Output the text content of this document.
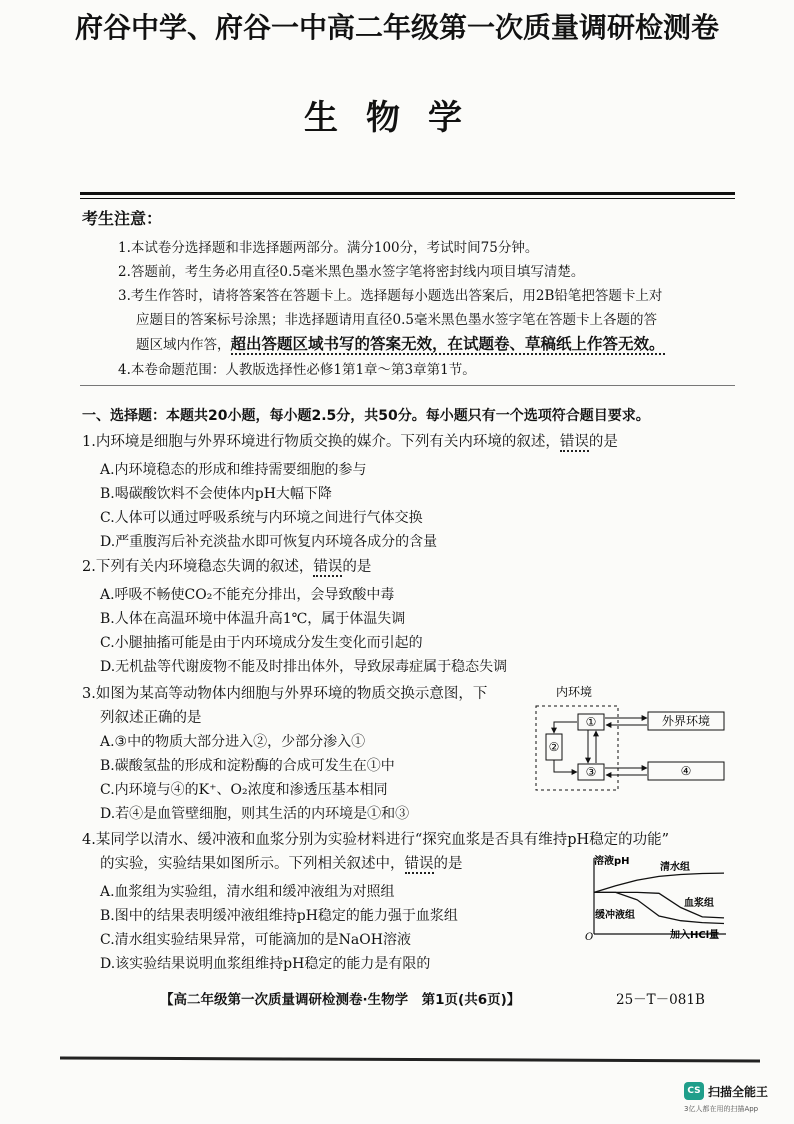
府谷中学、府谷一中高二年级第一次质量调研检测卷
生物学
考生注意：
1.本试卷分选择题和非选择题两部分。满分100分，考试时间75分钟。
2.答题前，考生务必用直径0.5毫米黑色墨水签字笔将密封线内项目填写清楚。
3.考生作答时，请将答案答在答题卡上。选择题每小题选出答案后，用2B铅笔把答题卡上对
应题目的答案标号涂黑；非选择题请用直径0.5毫米黑色墨水签字笔在答题卡上各题的答
题区域内作答，超出答题区域书写的答案无效，在试题卷、草稿纸上作答无效。
4.本卷命题范围：人教版选择性必修1第1章～第3章第1节。
一、选择题：本题共20小题，每小题2.5分，共50分。每小题只有一个选项符合题目要求。
1.内环境是细胞与外界环境进行物质交换的媒介。下列有关内环境的叙述，错误的是
A.内环境稳态的形成和维持需要细胞的参与
B.喝碳酸饮料不会使体内pH大幅下降
C.人体可以通过呼吸系统与内环境之间进行气体交换
D.严重腹泻后补充淡盐水即可恢复内环境各成分的含量
2.下列有关内环境稳态失调的叙述，错误的是
A.呼吸不畅使CO₂不能充分排出，会导致酸中毒
B.人体在高温环境中体温升高1℃，属于体温失调
C.小腿抽搐可能是由于内环境成分发生变化而引起的
D.无机盐等代谢废物不能及时排出体外，导致尿毒症属于稳态失调
3.如图为某高等动物体内细胞与外界环境的物质交换示意图，下
列叙述正确的是
A.③中的物质大部分进入②，少部分渗入①
B.碳酸氢盐的形成和淀粉酶的合成可发生在①中
C.内环境与④的K⁺、O₂浓度和渗透压基本相同
D.若④是血管壁细胞，则其生活的内环境是①和③
内环境
①
②
③
外界环境
④
4.某同学以清水、缓冲液和血浆分别为实验材料进行“探究血浆是否具有维持pH稳定的功能”
的实验，实验结果如图所示。下列相关叙述中，错误的是
A.血浆组为实验组，清水组和缓冲液组为对照组
B.图中的结果表明缓冲液组维持pH稳定的能力强于血浆组
C.清水组实验结果异常，可能滴加的是NaOH溶液
D.该实验结果说明血浆组维持pH稳定的能力是有限的
溶液pH
加入HCl量
O
清水组
血浆组
缓冲液组
【高二年级第一次质量调研检测卷·生物学　第1页(共6页)】	25－T－081B
CS 扫描全能王
3亿人都在用的扫描App
